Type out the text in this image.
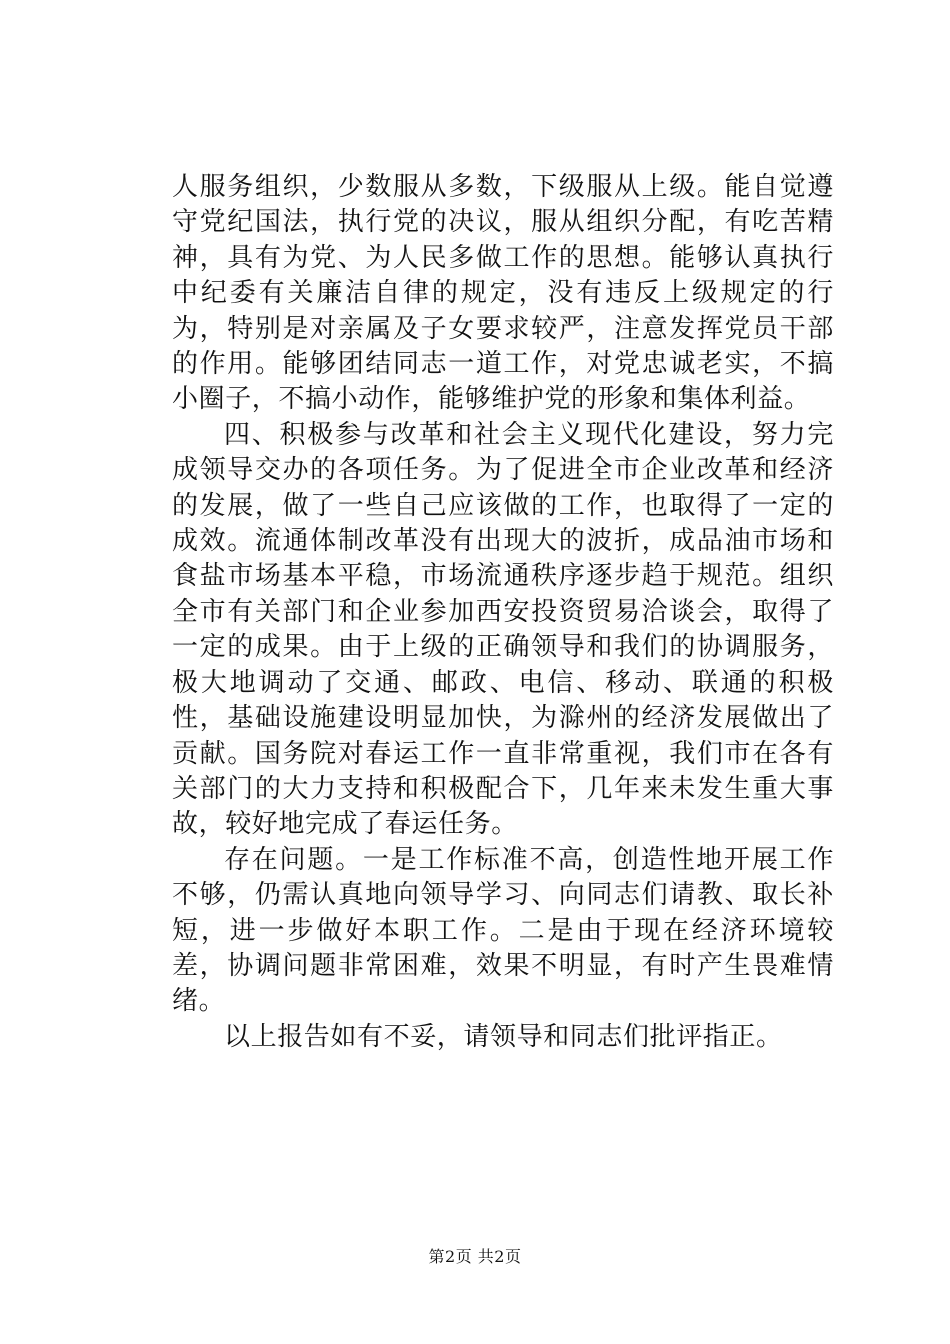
人服务组织，少数服从多数，下级服从上级。能自觉遵守党纪国法，执行党的决议，服从组织分配，有吃苦精神，具有为党、为人民多做工作的思想。能够认真执行中纪委有关廉洁自律的规定，没有违反上级规定的行为，特别是对亲属及子女要求较严，注意发挥党员干部的作用。能够团结同志一道工作，对党忠诚老实，不搞小圈子，不搞小动作，能够维护党的形象和集体利益。

四、积极参与改革和社会主义现代化建设，努力完成领导交办的各项任务。为了促进全市企业改革和经济的发展，做了一些自己应该做的工作，也取得了一定的成效。流通体制改革没有出现大的波折，成品油市场和食盐市场基本平稳，市场流通秩序逐步趋于规范。组织全市有关部门和企业参加西安投资贸易洽谈会，取得了一定的成果。由于上级的正确领导和我们的协调服务，极大地调动了交通、邮政、电信、移动、联通的积极性，基础设施建设明显加快，为滁州的经济发展做出了贡献。国务院对春运工作一直非常重视，我们市在各有关部门的大力支持和积极配合下，几年来未发生重大事故，较好地完成了春运任务。

存在问题。一是工作标准不高，创造性地开展工作不够，仍需认真地向领导学习、向同志们请教、取长补短，进一步做好本职工作。二是由于现在经济环境较差，协调问题非常困难，效果不明显，有时产生畏难情绪。

以上报告如有不妥，请领导和同志们批评指正。

第2页 共2页
